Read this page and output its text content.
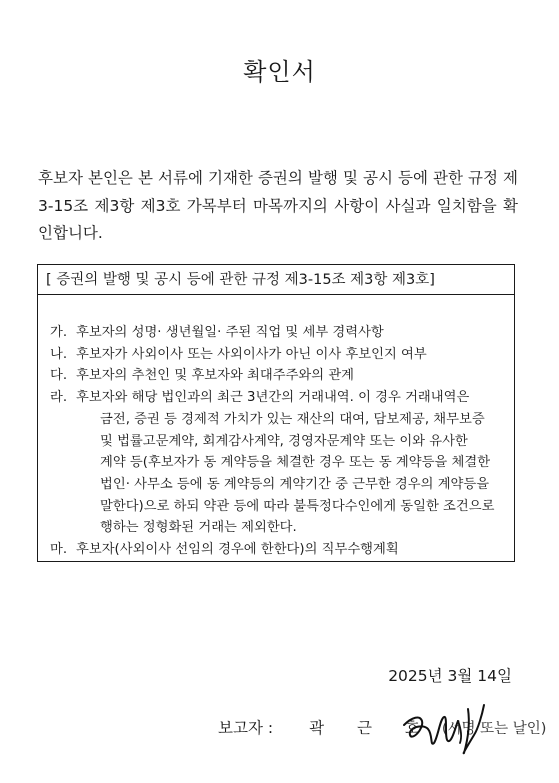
확인서
후보자 본인은 본 서류에 기재한 증권의 발행 및 공시 등에 관한 규정 제3-15조 제3항 제3호 가목부터 마목까지의 사항이 사실과 일치함을 확인합니다.
[ 증권의 발행 및 공시 등에 관한 규정 제3-15조 제3항 제3호]
가. 후보자의 성명· 생년월일· 주된 직업 및 세부 경력사항
나. 후보자가 사외이사 또는 사외이사가 아닌 이사 후보인지 여부
다. 후보자의 추천인 및 후보자와 최대주주와의 관계
라. 후보자와 해당 법인과의 최근 3년간의 거래내역. 이 경우 거래내역은
금전, 증권 등 경제적 가치가 있는 재산의 대여, 담보제공, 채무보증
및 법률고문계약, 회계감사계약, 경영자문계약 또는 이와 유사한
계약 등(후보자가 동 계약등을 체결한 경우 또는 동 계약등을 체결한
법인· 사무소 등에 동 계약등의 계약기간 중 근무한 경우의 계약등을
말한다)으로 하되 약관 등에 따라 불특정다수인에게 동일한 조건으로
행하는 정형화된 거래는 제외한다.
마. 후보자(사외이사 선임의 경우에 한한다)의 직무수행계획
2025년 3월 14일
보고자 : 곽 근 호 (서명 또는 날인)
